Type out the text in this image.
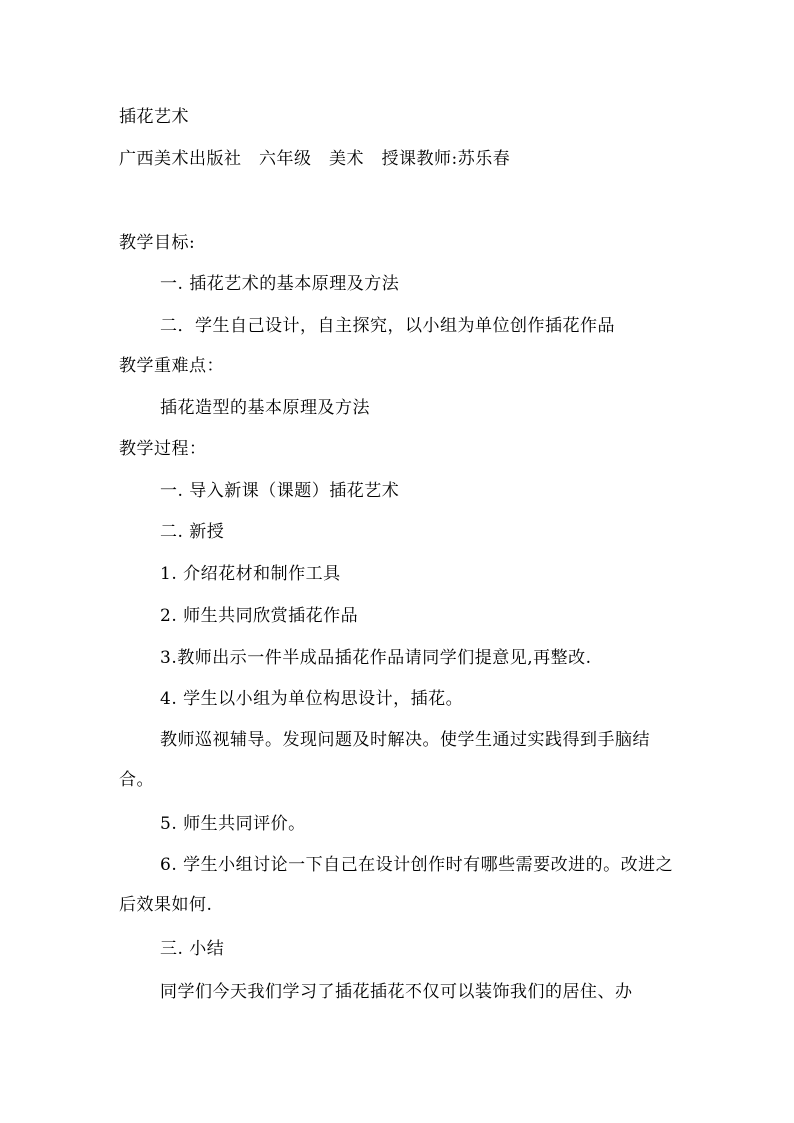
插花艺术
广西美术出版社　六年级　美术　授课教师:苏乐春
教学目标:
一. 插花艺术的基本原理及方法
二．学生自己设计，自主探究，以小组为单位创作插花作品
教学重难点：
插花造型的基本原理及方法
教学过程：
一. 导入新课（课题）插花艺术
二. 新授
1. 介绍花材和制作工具
2. 师生共同欣赏插花作品
3.教师出示一件半成品插花作品请同学们提意见,再整改.
4. 学生以小组为单位构思设计，插花。
教师巡视辅导。发现问题及时解决。使学生通过实践得到手脑结合。
5. 师生共同评价。
6. 学生小组讨论一下自己在设计创作时有哪些需要改进的。改进之后效果如何.
三. 小结
同学们今天我们学习了插花插花不仅可以装饰我们的居住、办
